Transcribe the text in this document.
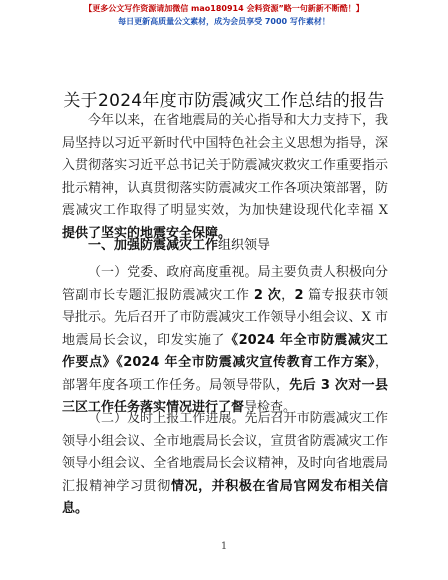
【更多公文写作资源请加微信 mao180914 会料资源”略一句新新不断酷！】
每日更新高质量公文素材，成为会员享受 7000 写作素材！
关于2024年度市防震减灾工作总结的报告

今年以来，在省地震局的关心指导和大力支持下，我局坚持以习近平新时代中国特色社会主义思想为指导，深入贯彻落实习近平总书记关于防震减灾救灾工作重要指示批示精神，认真贯彻落实防震减灾工作各项决策部署，防震减灾工作取得了明显实效，为加快建设现代化幸福 X 提供了坚实的地震安全保障。

一、加强防震减灾工作组织领导

（一）党委、政府高度重视。局主要负责人积极向分管副市长专题汇报防震减灾工作 2 次，2 篇专报获市领导批示。先后召开了市防震减灾工作领导小组会议、X 市地震局长会议，印发实施了《2024 年全市防震减灾工作要点》《2024 年全市防震减灾宣传教育工作方案》，部署年度各项工作任务。局领导带队，先后 3 次对一县三区工作任务落实情况进行了督导检查。

（二）及时上报工作进展。先后召开市防震减灾工作领导小组会议、全市地震局长会议，宣贯省防震减灾工作领导小组会议、全省地震局长会议精神，及时向省地震局汇报精神学习贯彻情况，并积极在省局官网发布相关信息。

1
